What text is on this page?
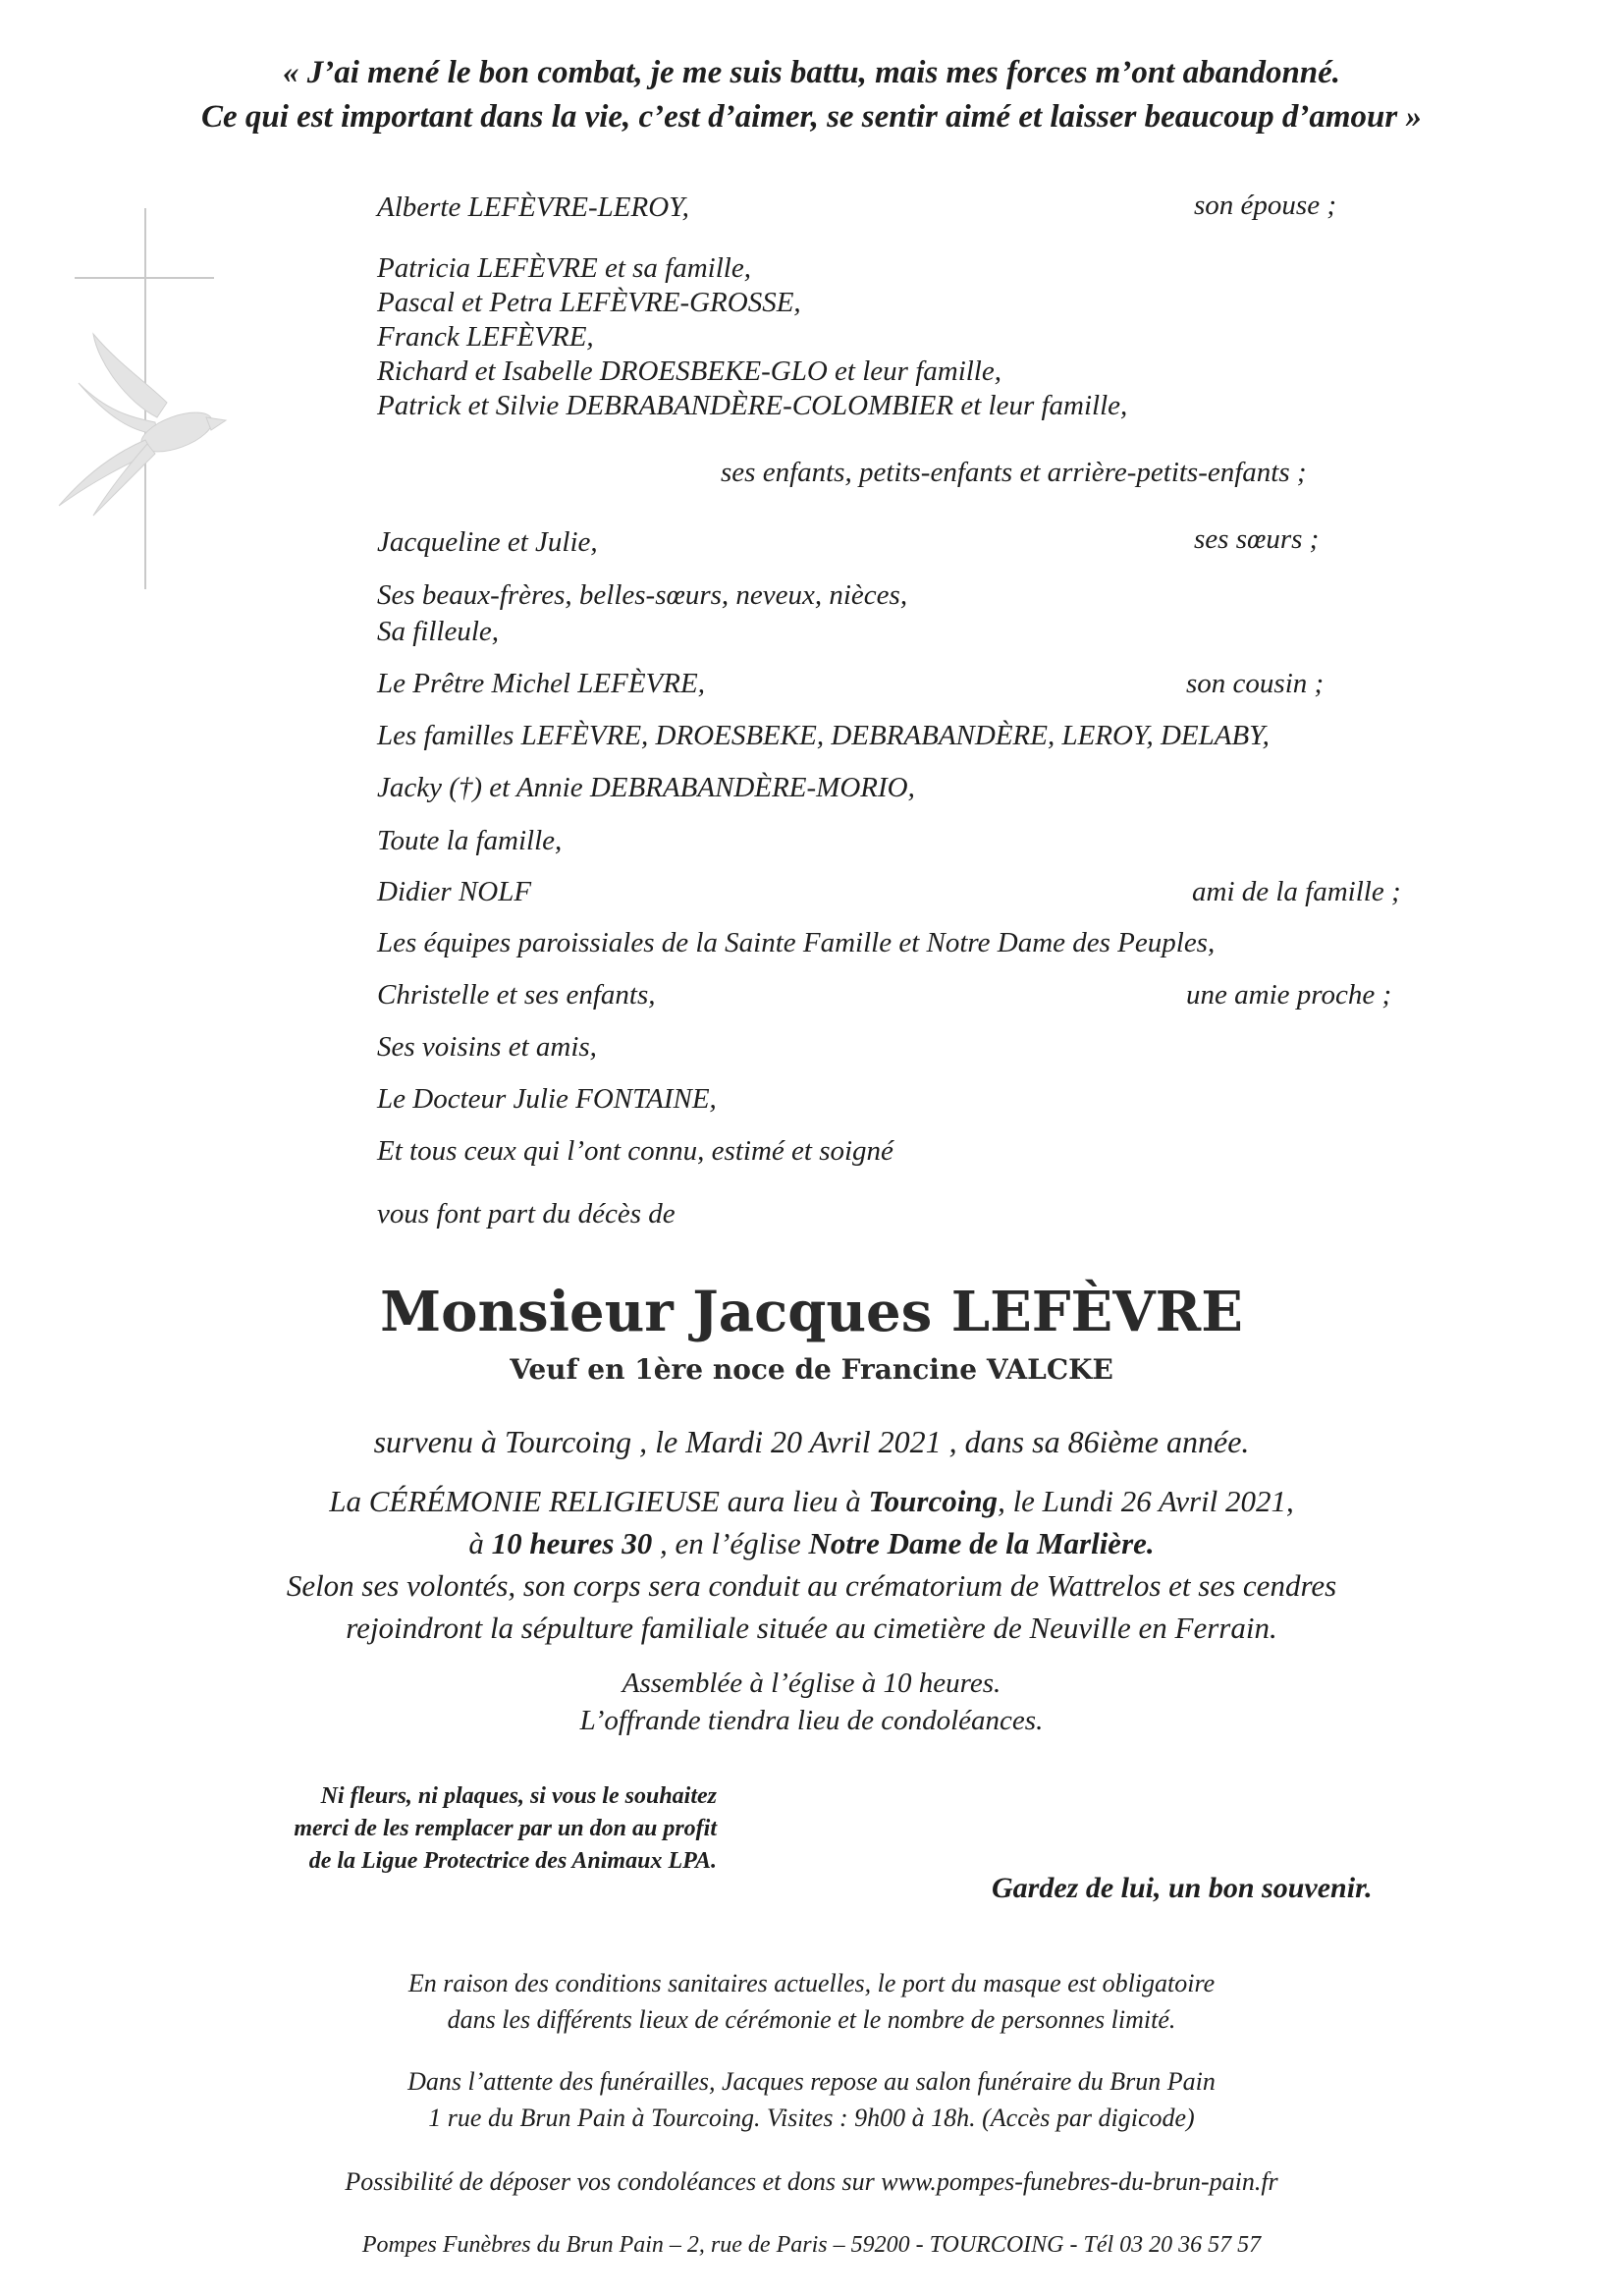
« J’ai mené le bon combat, je me suis battu, mais mes forces m’ont abandonné.
Ce qui est important dans la vie, c’est d’aimer, se sentir aimé et laisser beaucoup d’amour »
Alberte LEFÈVRE-LEROY,	son épouse ;
Patricia LEFÈVRE et sa famille,
Pascal et Petra LEFÈVRE-GROSSE,
Franck LEFÈVRE,
Richard et Isabelle DROESBEKE-GLO et leur famille,
Patrick et Silvie DEBRABANDÈRE-COLOMBIER et leur famille,
ses enfants, petits-enfants et arrière-petits-enfants ;
Jacqueline et Julie,	ses sœurs ;
Ses beaux-frères, belles-sœurs, neveux, nièces,
Sa filleule,
Le Prêtre Michel LEFÈVRE,	son cousin ;
Les familles LEFÈVRE, DROESBEKE, DEBRABANDÈRE, LEROY, DELABY,
Jacky (†) et Annie DEBRABANDÈRE-MORIO,
Toute la famille,
Didier NOLF	ami de la famille ;
Les équipes paroissiales de la Sainte Famille et Notre Dame des Peuples,
Christelle et ses enfants,	une amie proche ;
Ses voisins et amis,
Le Docteur Julie FONTAINE,
Et tous ceux qui l’ont connu, estimé et soigné
vous font part du décès de
Monsieur Jacques LEFÈVRE
Veuf en 1ère noce de Francine VALCKE
survenu à Tourcoing , le Mardi 20 Avril 2021 , dans sa 86ième année.
La CÉRÉMONIE RELIGIEUSE aura lieu à Tourcoing, le Lundi 26 Avril 2021,
à 10 heures 30 , en l’église Notre Dame de la Marlière.
Selon ses volontés, son corps sera conduit au crématorium de Wattrelos et ses cendres
rejoindront la sépulture familiale située au cimetière de Neuville en Ferrain.
Assemblée à l’église à 10 heures.
L’offrande tiendra lieu de condoléances.
Ni fleurs, ni plaques, si vous le souhaitez
merci de les remplacer par un don au profit
de la Ligue Protectrice des Animaux LPA.
Gardez de lui, un bon souvenir.
En raison des conditions sanitaires actuelles, le port du masque est obligatoire
dans les différents lieux de cérémonie et le nombre de personnes limité.
Dans l’attente des funérailles, Jacques repose au salon funéraire du Brun Pain
1 rue du Brun Pain à Tourcoing. Visites : 9h00 à 18h. (Accès par digicode)
Possibilité de déposer vos condoléances et dons sur www.pompes-funebres-du-brun-pain.fr
Pompes Funèbres du Brun Pain – 2, rue de Paris – 59200 - TOURCOING - Tél 03 20 36 57 57
